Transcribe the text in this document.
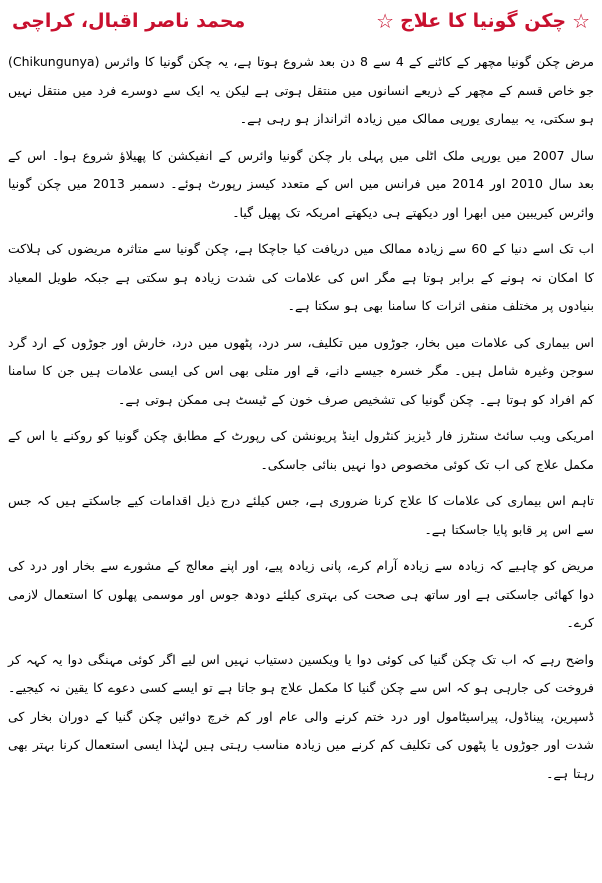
☆
چکن گونیا کا علاج
☆
محمد ناصر اقبال، کراچی

مرض چکن گونیا مچھر کے کاٹنے کے 4 سے 8 دن بعد شروع ہوتا ہے، یہ چکن گونیا کا وائرس (Chikungunya) جو خاص قسم کے مچھر کے ذریعے انسانوں میں منتقل ہوتی ہے لیکن یہ ایک سے دوسرے فرد میں منتقل نہیں ہو سکتی، یہ بیماری یورپی ممالک میں زیادہ اثرانداز ہو رہی ہے۔

سال 2007 میں یورپی ملک اٹلی میں پہلی بار چکن گونیا وائرس کے انفیکشن کا پھیلاؤ شروع ہوا۔ اس کے بعد سال 2010 اور 2014 میں فرانس میں اس کے متعدد کیسز رپورٹ ہوئے۔ دسمبر 2013 میں چکن گونیا وائرس کیریبین میں ابھرا اور دیکھتے ہی دیکھتے امریکہ تک پھیل گیا۔

اب تک اسے دنیا کے 60 سے زیادہ ممالک میں دریافت کیا جاچکا ہے، چکن گونیا سے متاثرہ مریضوں کی ہلاکت کا امکان نہ ہونے کے برابر ہوتا ہے مگر اس کی علامات کی شدت زیادہ ہو سکتی ہے جبکہ طویل المعیاد بنیادوں پر مختلف منفی اثرات کا سامنا بھی ہو سکتا ہے۔

اس بیماری کی علامات میں بخار، جوڑوں میں تکلیف، سر درد، پٹھوں میں درد، خارش اور جوڑوں کے ارد گرد سوجن وغیرہ شامل ہیں۔ مگر خسرہ جیسے دانے، قے اور متلی بھی اس کی ایسی علامات ہیں جن کا سامنا کم افراد کو ہوتا ہے۔ چکن گونیا کی تشخیص صرف خون کے ٹیسٹ ہی ممکن ہوتی ہے۔

امریکی ویب سائٹ سنٹرز فار ڈیزیز کنٹرول اینڈ پریونشن کی رپورٹ کے مطابق چکن گونیا کو روکنے یا اس کے مکمل علاج کی اب تک کوئی مخصوص دوا نہیں بنائی جاسکی۔

تاہم اس بیماری کی علامات کا علاج کرنا ضروری ہے، جس کیلئے درج ذیل اقدامات کیے جاسکتے ہیں کہ جس سے اس پر قابو پایا جاسکتا ہے۔

مریض کو چاہیے کہ زیادہ سے زیادہ آرام کرے، پانی زیادہ پیے، اور اپنے معالج کے مشورے سے بخار اور درد کی دوا کھائی جاسکتی ہے اور ساتھ ہی صحت کی بہتری کیلئے دودھ جوس اور موسمی پھلوں کا استعمال لازمی کرے۔

واضح رہے کہ اب تک چکن گنیا کی کوئی دوا یا ویکسین دستیاب نہیں اس لیے اگر کوئی مہنگی دوا یہ کہہ کر فروخت کی جارہی ہو کہ اس سے چکن گنیا کا مکمل علاج ہو جاتا ہے تو ایسے کسی دعوے کا یقین نہ کیجیے۔ ڈسپرین، پیناڈول، پیراسیٹامول اور درد ختم کرنے والی عام اور کم خرچ دوائیں چکن گنیا کے دوران بخار کی شدت اور جوڑوں یا پٹھوں کی تکلیف کم کرنے میں زیادہ مناسب رہتی ہیں لہٰذا ایسی استعمال کرنا بہتر بھی رہتا ہے۔
